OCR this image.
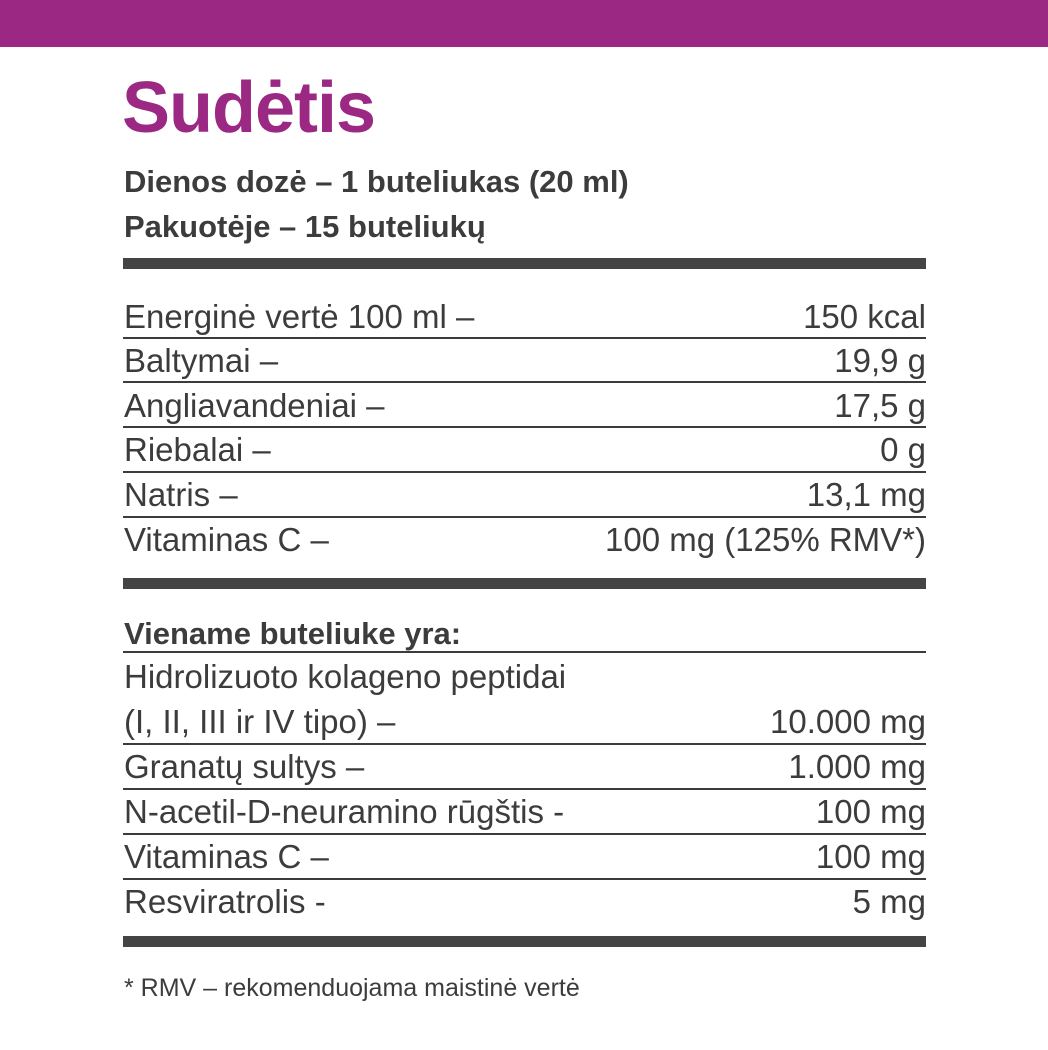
Sudėtis
Dienos dozė – 1 buteliukas (20 ml)
Pakuotėje – 15 buteliukų
Energinė vertė 100 ml –	150 kcal
Baltymai –	19,9 g
Angliavandeniai –	17,5 g
Riebalai –	0 g
Natris –	13,1 mg
Vitaminas C –	100 mg (125% RMV*)
Viename buteliuke yra:
Hidrolizuoto kolageno peptidai
(I, II, III ir IV tipo) –	10.000 mg
Granatų sultys –	1.000 mg
N-acetil-D-neuramino rūgštis -	100 mg
Vitaminas C –	100 mg
Resviratrolis -	5 mg
* RMV – rekomenduojama maistinė vertė
